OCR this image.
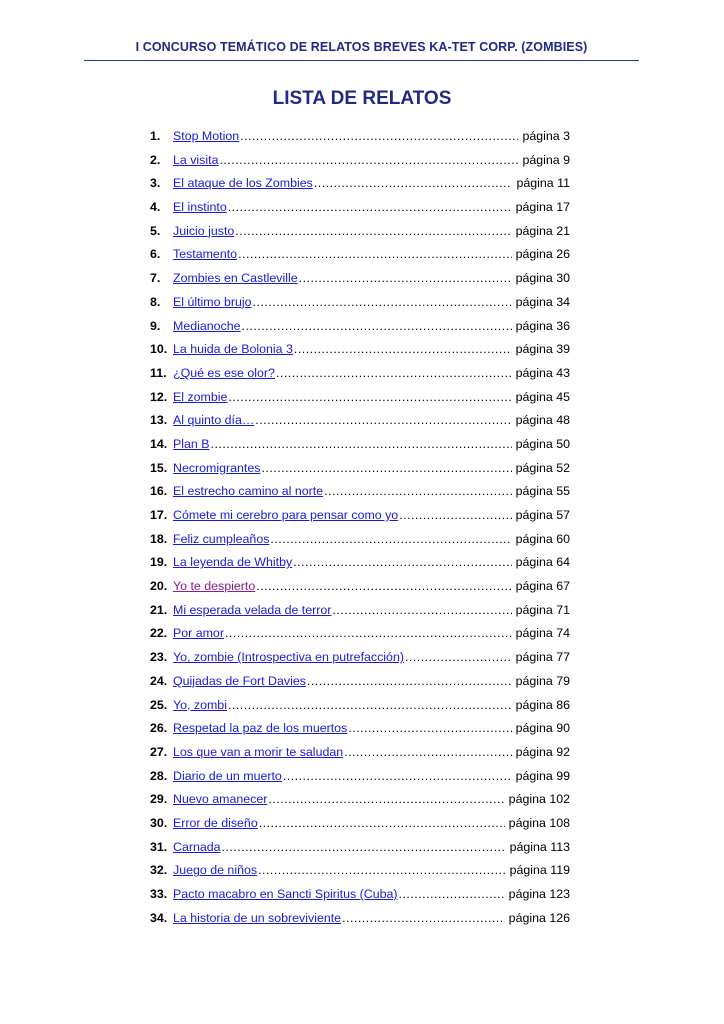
I CONCURSO TEMÁTICO DE RELATOS BREVES KA-TET CORP. (ZOMBIES)
LISTA DE RELATOS
1.	Stop Motion .....	página 3
2.	La visita .....	página 9
3.	El ataque de los Zombies .....	página 11
4.	El instinto .....	página 17
5.	Juicio justo .....	página 21
6.	Testamento .....	página 26
7.	Zombies en Castleville .....	página 30
8.	El último brujo .....	página 34
9.	Medianoche .....	página 36
10. La huida de Bolonia 3 .....	página 39
11. ¿Qué es ese olor? .....	página 43
12. El zombie .....	página 45
13. Al quinto día… .....	página 48
14. Plan B .....	página 50
15. Necromigrantes .....	página 52
16. El estrecho camino al norte .....	página 55
17. Cómete mi cerebro para pensar como yo .....	página 57
18. Feliz cumpleaños .....	página 60
19. La leyenda de Whitby .....	página 64
20. Yo te despierto .....	página 67
21. Mi esperada velada de terror .....	página 71
22. Por amor .....	página 74
23. Yo, zombie (Introspectiva en putrefacción) .....	página 77
24. Quijadas de Fort Davies .....	página 79
25. Yo, zombi .....	página 86
26. Respetad la paz de los muertos .....	página 90
27. Los que van a morir te saludan .....	página 92
28. Diario de un muerto .....	página 99
29. Nuevo amanecer .....	página 102
30. Error de diseño .....	página 108
31. Carnada .....	página 113
32. Juego de niños .....	página 119
33. Pacto macabro en Sancti Spiritus (Cuba) .....	página 123
34. La historia de un sobreviviente .....	página 126
